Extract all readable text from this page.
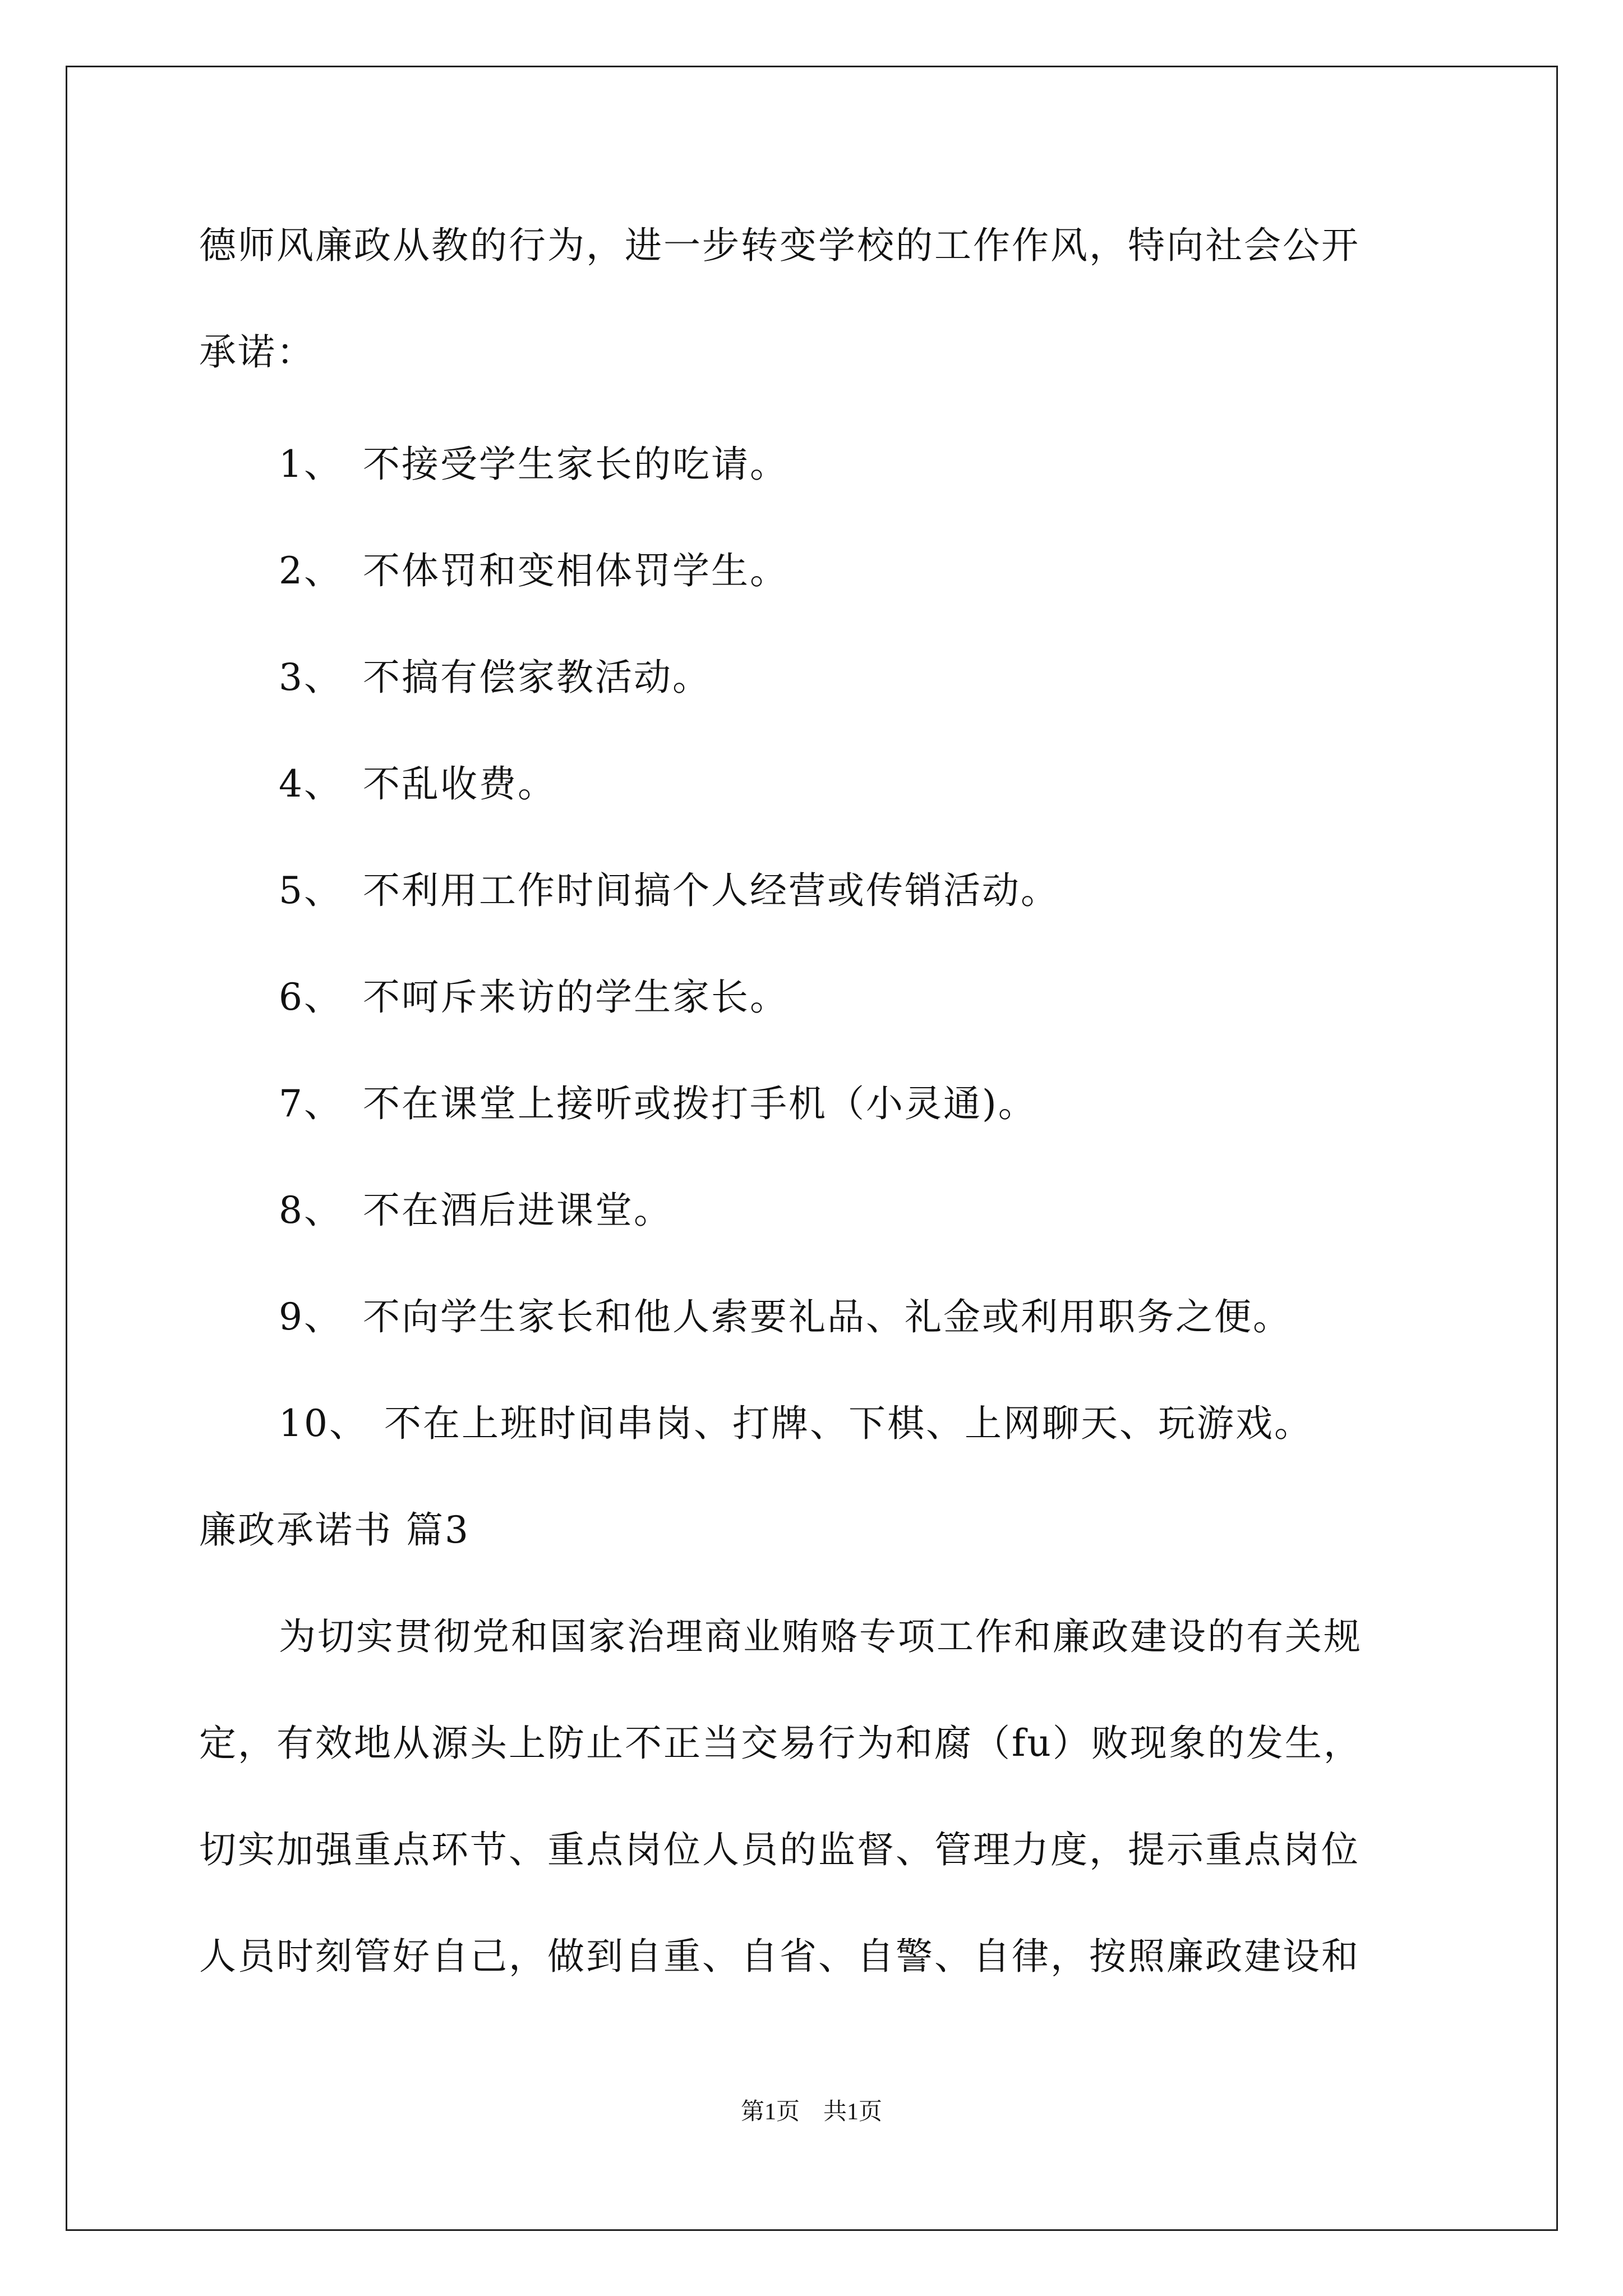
德师风廉政从教的行为，进一步转变学校的工作作风，特向社会公开
承诺：
1、 不接受学生家长的吃请。
2、 不体罚和变相体罚学生。
3、 不搞有偿家教活动。
4、 不乱收费。
5、 不利用工作时间搞个人经营或传销活动。
6、 不呵斥来访的学生家长。
7、 不在课堂上接听或拨打手机（小灵通)。
8、 不在酒后进课堂。
9、 不向学生家长和他人索要礼品、礼金或利用职务之便。
10、 不在上班时间串岗、打牌、下棋、上网聊天、玩游戏。
廉政承诺书 篇3
为切实贯彻党和国家治理商业贿赂专项工作和廉政建设的有关规
定，有效地从源头上防止不正当交易行为和腐（fu）败现象的发生，
切实加强重点环节、重点岗位人员的监督、管理力度，提示重点岗位
人员时刻管好自己，做到自重、自省、自警、自律，按照廉政建设和
第1页　共1页
